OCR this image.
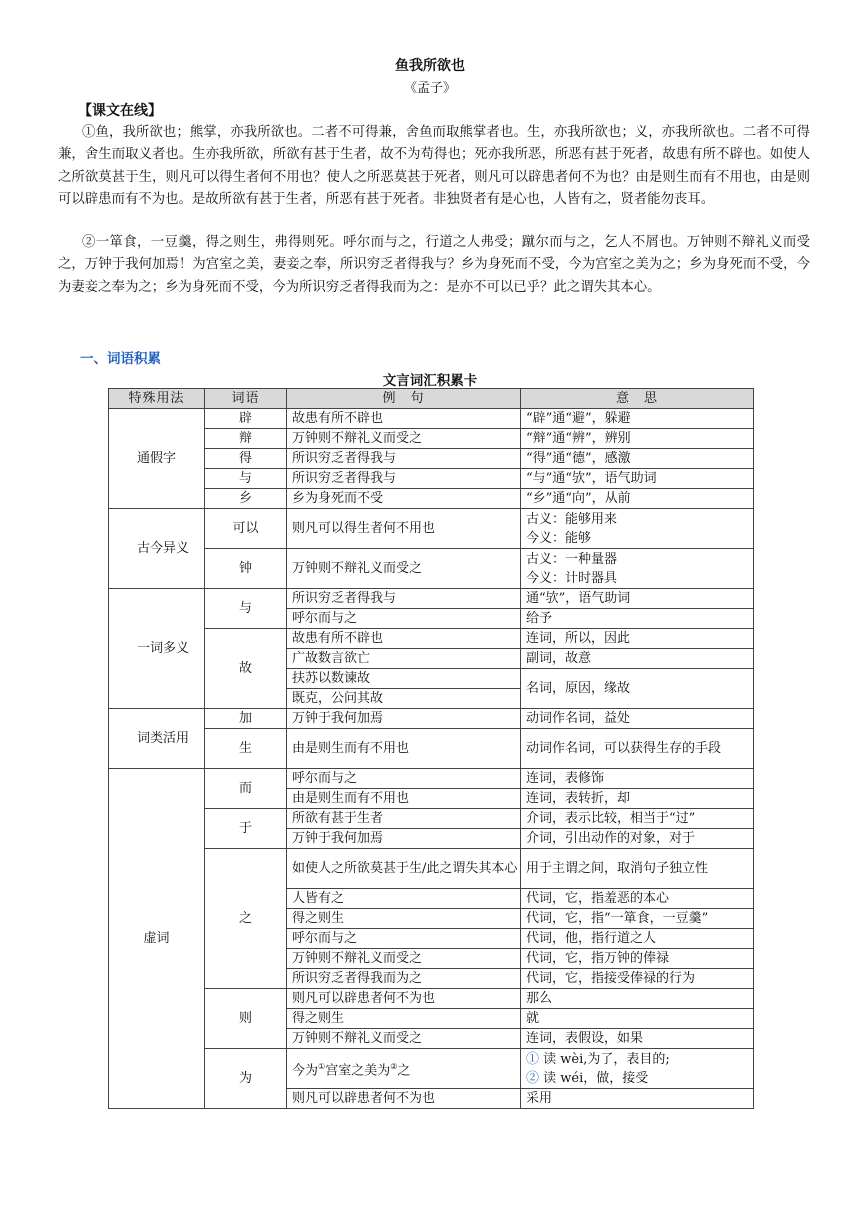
鱼我所欲也
《孟子》
【课文在线】

①鱼，我所欲也；熊掌，亦我所欲也。二者不可得兼，舍鱼而取熊掌者也。生，亦我所欲也；义，亦我所欲也。二者不可得兼，舍生而取义者也。生亦我所欲，所欲有甚于生者，故不为苟得也；死亦我所恶，所恶有甚于死者，故患有所不辟也。如使人之所欲莫甚于生，则凡可以得生者何不用也？使人之所恶莫甚于死者，则凡可以辟患者何不为也？由是则生而有不用也，由是则可以辟患而有不为也。是故所欲有甚于生者，所恶有甚于死者。非独贤者有是心也，人皆有之，贤者能勿丧耳。

②一箪食，一豆羹，得之则生，弗得则死。呼尔而与之，行道之人弗受；蹴尔而与之，乞人不屑也。万钟则不辩礼义而受之，万钟于我何加焉！为宫室之美，妻妾之奉，所识穷乏者得我与？乡为身死而不受，今为宫室之美为之；乡为身死而不受，今为妻妾之奉为之；乡为身死而不受，今为所识穷乏者得我而为之：是亦不可以已乎？此之谓失其本心。

一、词语积累
文言词汇积累卡
特殊用法	词语	例　句	意　思
通假字	辟	故患有所不辟也	“辟”通“避”，躲避
	辩	万钟则不辩礼义而受之	“辩”通“辨”，辨别
	得	所识穷乏者得我与	“得”通“德”，感激
	与	所识穷乏者得我与	“与”通“欤”，语气助词
	乡	乡为身死而不受	“乡”通“向”，从前
古今异义	可以	则凡可以得生者何不用也	古义：能够用来
今义：能够

	钟	万钟则不辩礼义而受之	古义：一种量器
今义：计时器具

一词多义	与	所识穷乏者得我与	通“欤”，语气助词
		呼尔而与之	给予
	故	故患有所不辟也	连词，所以，因此
		广故数言欲亡	副词，故意
		扶苏以数谏故	名词，原因，缘故
		既克，公问其故	
词类活用	加	万钟于我何加焉	动词作名词，益处
	生	由是则生而有不用也	动词作名词，可以获得生存的手段
虚词	而	呼尔而与之	连词，表修饰
		由是则生而有不用也	连词，表转折，却
	于	所欲有甚于生者	介词，表示比较，相当于“过”
		万钟于我何加焉	介词，引出动作的对象，对于
	之	如使人之所欲莫甚于生/此之谓失其本心	用于主谓之间，取消句子独立性
		人皆有之	代词，它，指羞恶的本心
		得之则生	代词，它，指“一箪食，一豆羹”
		呼尔而与之	代词，他，指行道之人
		万钟则不辩礼义而受之	代词，它，指万钟的俸禄
		所识穷乏者得我而为之	代词，它，指接受俸禄的行为
	则	则凡可以辟患者何不为也	那么
		得之则生	就
		万钟则不辩礼义而受之	连词，表假设，如果
	为	今为①宫室之美为②之	① 读 wèi,为了，表目的;
② 读 wéi，做，接受

		则凡可以辟患者何不为也	采用
